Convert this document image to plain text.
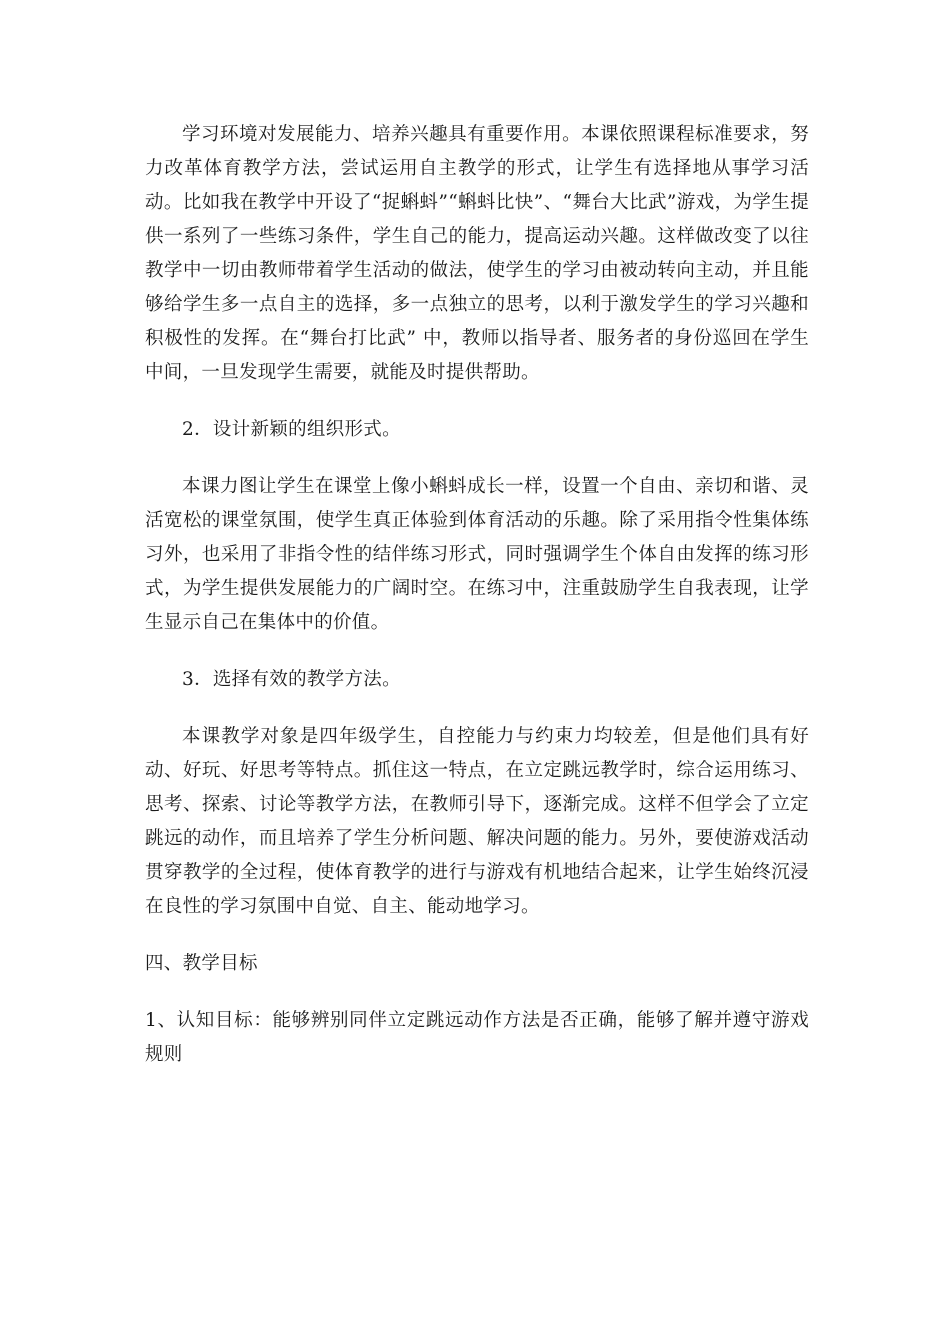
学习环境对发展能力、培养兴趣具有重要作用。本课依照课程标准要求，努力改革体育教学方法，尝试运用自主教学的形式，让学生有选择地从事学习活动。比如我在教学中开设了“捉蝌蚪”“蝌蚪比快”、“舞台大比武”游戏，为学生提供一系列了一些练习条件，学生自己的能力，提高运动兴趣。这样做改变了以往教学中一切由教师带着学生活动的做法，使学生的学习由被动转向主动，并且能够给学生多一点自主的选择，多一点独立的思考，以利于激发学生的学习兴趣和积极性的发挥。在“舞台打比武” 中，教师以指导者、服务者的身份巡回在学生中间，一旦发现学生需要，就能及时提供帮助。

2．设计新颖的组织形式。

本课力图让学生在课堂上像小蝌蚪成长一样，设置一个自由、亲切和谐、灵活宽松的课堂氛围，使学生真正体验到体育活动的乐趣。除了采用指令性集体练习外，也采用了非指令性的结伴练习形式，同时强调学生个体自由发挥的练习形式，为学生提供发展能力的广阔时空。在练习中，注重鼓励学生自我表现，让学生显示自己在集体中的价值。

3．选择有效的教学方法。

本课教学对象是四年级学生，自控能力与约束力均较差，但是他们具有好动、好玩、好思考等特点。抓住这一特点，在立定跳远教学时，综合运用练习、思考、探索、讨论等教学方法，在教师引导下，逐渐完成。这样不但学会了立定跳远的动作，而且培养了学生分析问题、解决问题的能力。另外，要使游戏活动贯穿教学的全过程，使体育教学的进行与游戏有机地结合起来，让学生始终沉浸在良性的学习氛围中自觉、自主、能动地学习。

四、教学目标

1、认知目标：能够辨别同伴立定跳远动作方法是否正确，能够了解并遵守游戏规则
